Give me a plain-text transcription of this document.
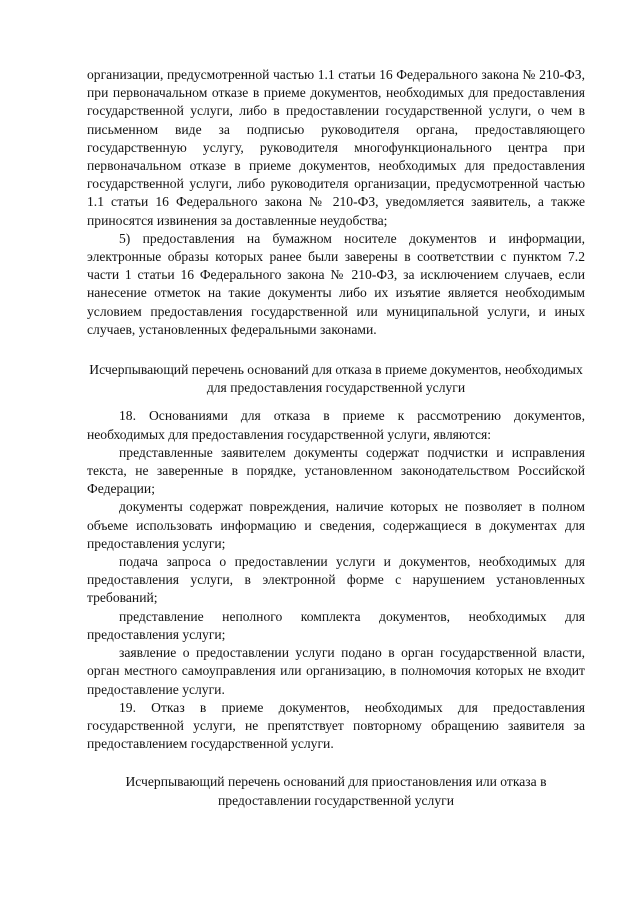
организации, предусмотренной частью 1.1 статьи 16 Федерального закона № 210-ФЗ, при первоначальном отказе в приеме документов, необходимых для предоставления государственной услуги, либо в предоставлении государственной услуги, о чем в письменном виде за подписью руководителя органа, предоставляющего государственную услугу, руководителя многофункционального центра при первоначальном отказе в приеме документов, необходимых для предоставления государственной услуги, либо руководителя организации, предусмотренной частью 1.1 статьи 16 Федерального закона № 210-ФЗ, уведомляется заявитель, а также приносятся извинения за доставленные неудобства;

5) предоставления на бумажном носителе документов и информации, электронные образы которых ранее были заверены в соответствии с пунктом 7.2 части 1 статьи 16 Федерального закона № 210-ФЗ, за исключением случаев, если нанесение отметок на такие документы либо их изъятие является необходимым условием предоставления государственной или муниципальной услуги, и иных случаев, установленных федеральными законами.

Исчерпывающий перечень оснований для отказа в приеме документов, необходимых для предоставления государственной услуги

18. Основаниями для отказа в приеме к рассмотрению документов, необходимых для предоставления государственной услуги, являются:

представленные заявителем документы содержат подчистки и исправления текста, не заверенные в порядке, установленном законодательством Российской Федерации;

документы содержат повреждения, наличие которых не позволяет в полном объеме использовать информацию и сведения, содержащиеся в документах для предоставления услуги;

подача запроса о предоставлении услуги и документов, необходимых для предоставления услуги, в электронной форме с нарушением установленных требований;

представление неполного комплекта документов, необходимых для предоставления услуги;

заявление о предоставлении услуги подано в орган государственной власти, орган местного самоуправления или организацию, в полномочия которых не входит предоставление услуги.

19. Отказ в приеме документов, необходимых для предоставления государственной услуги, не препятствует повторному обращению заявителя за предоставлением государственной услуги.

Исчерпывающий перечень оснований для приостановления или отказа в предоставлении государственной услуги
